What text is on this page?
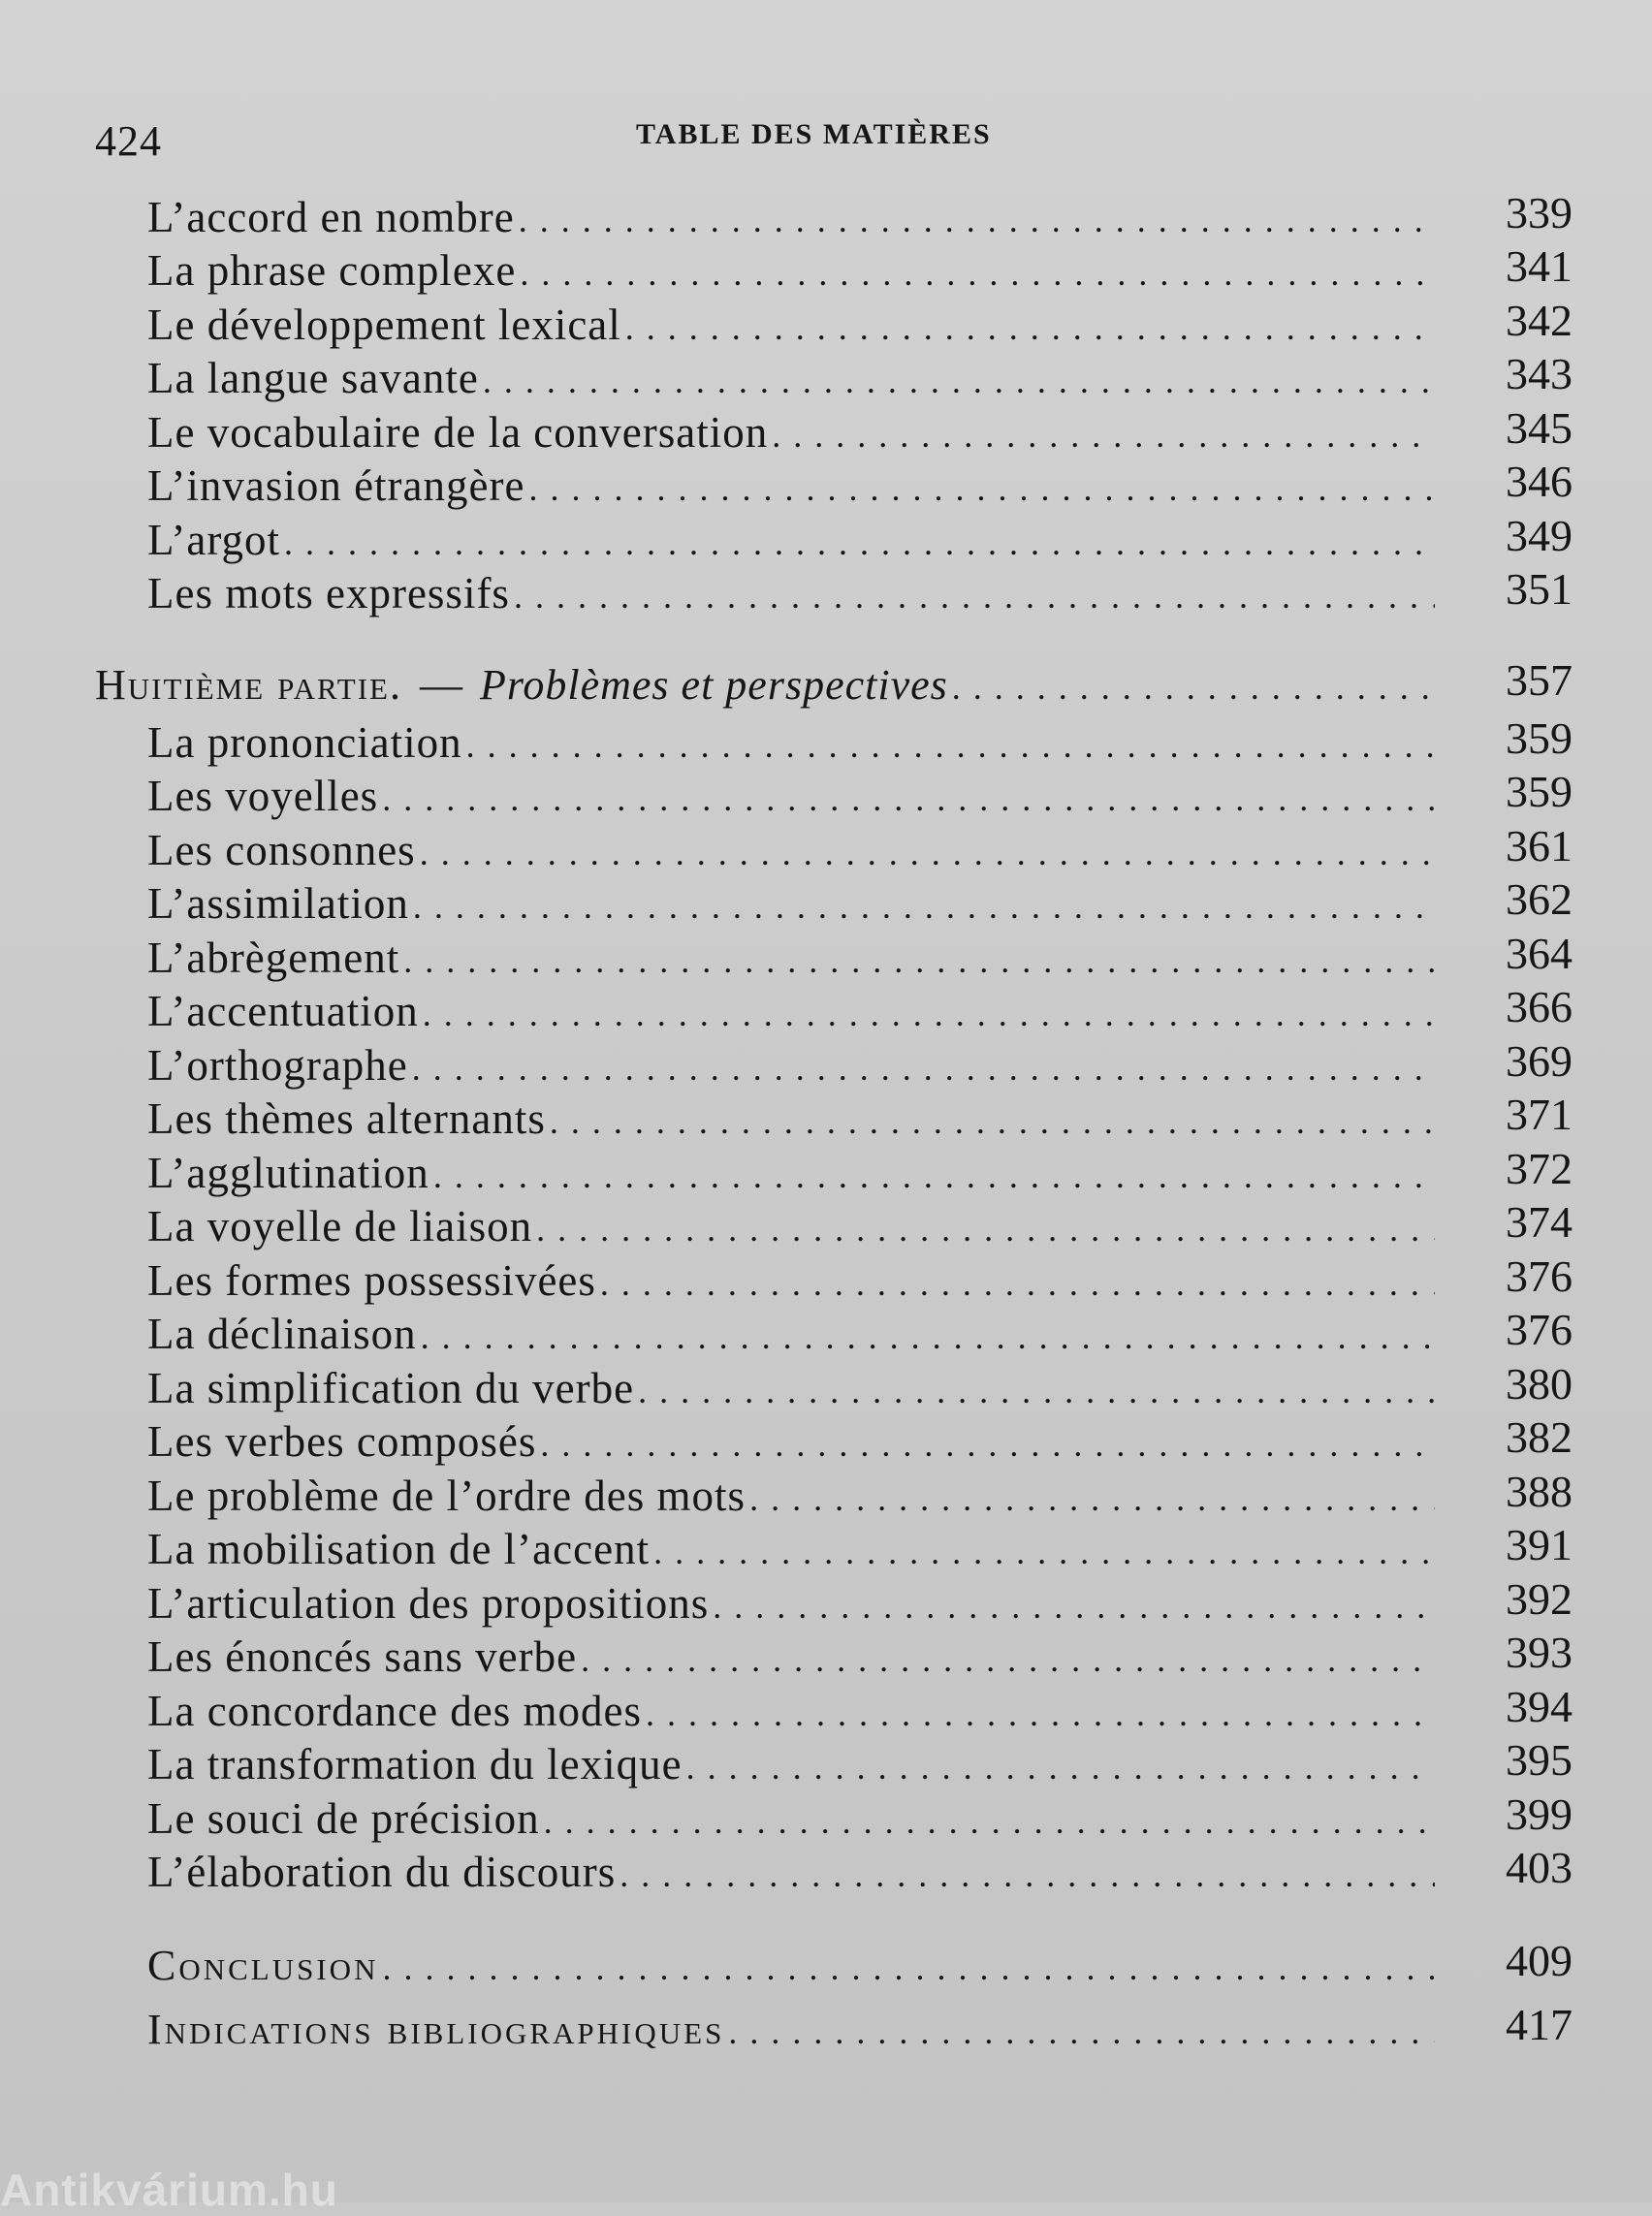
424	TABLE DES MATIÈRES
L’accord en nombre . . .	339
La phrase complexe . . .	341
Le développement lexical . . .	342
La langue savante . . .	343
Le vocabulaire de la conversation . . .	345
L’invasion étrangère . . .	346
L’argot . . .	349
Les mots expressifs . . .	351
Huitième partie. — Problèmes et perspectives . . .	357
La prononciation . . .	359
Les voyelles . . .	359
Les consonnes . . .	361
L’assimilation . . .	362
L’abrègement . . .	364
L’accentuation . . .	366
L’orthographe . . .	369
Les thèmes alternants . . .	371
L’agglutination . . .	372
La voyelle de liaison . . .	374
Les formes possessivées . . .	376
La déclinaison . . .	376
La simplification du verbe . . .	380
Les verbes composés . . .	382
Le problème de l’ordre des mots . . .	388
La mobilisation de l’accent . . .	391
L’articulation des propositions . . .	392
Les énoncés sans verbe . . .	393
La concordance des modes . . .	394
La transformation du lexique . . .	395
Le souci de précision . . .	399
L’élaboration du discours . . .	403
Conclusion . . .	409
Indications bibliographiques . . .	417
Antikvárium.hu
